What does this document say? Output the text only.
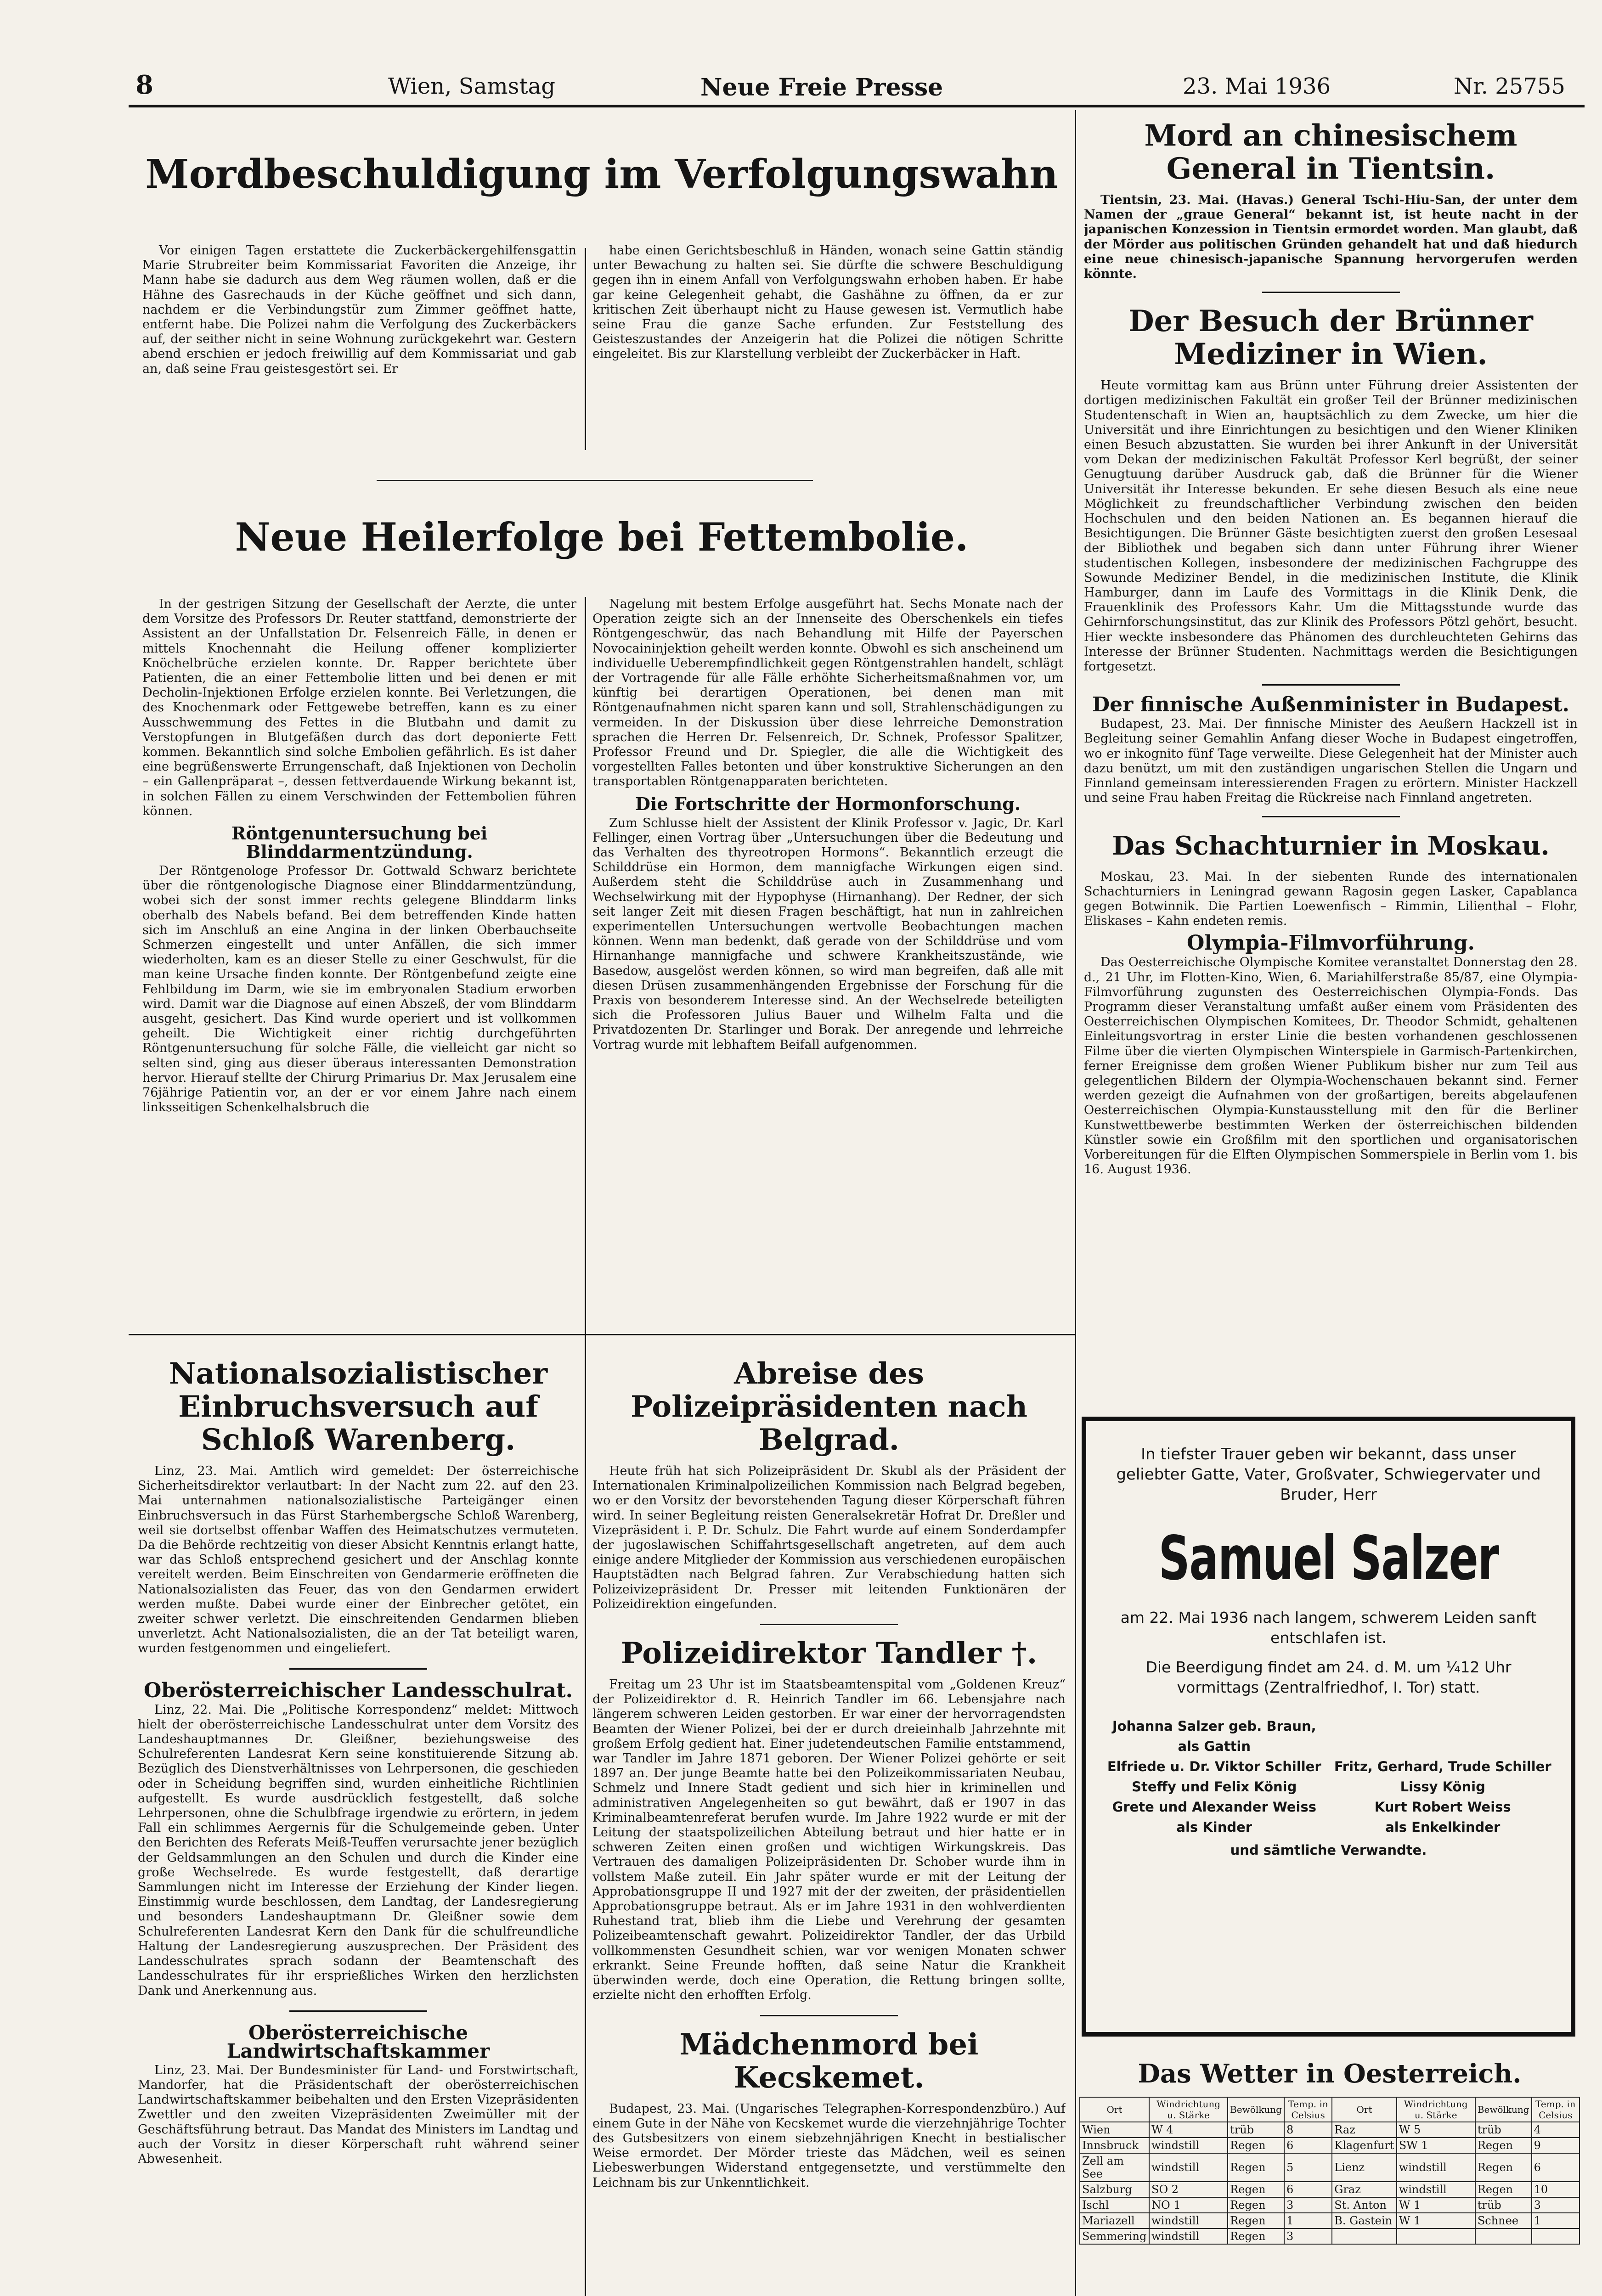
8	Wien, Samstag	Neue Freie Presse	23. Mai 1936	Nr. 25755
Mordbeschuldigung im Verfolgungswahn

Vor einigen Tagen erstattete die Zuckerbäckergehilfensgattin Marie Strubreiter beim Kommissariat Favoriten die Anzeige, ihr Mann habe sie dadurch aus dem Weg räumen wollen, daß er die Hähne des Gasrechauds in der Küche geöffnet und sich dann, nachdem er die Verbindungstür zum Zimmer geöffnet hatte, entfernt habe. Die Polizei nahm die Verfolgung des Zuckerbäckers auf, der seither nicht in seine Wohnung zurückgekehrt war. Gestern abend erschien er jedoch freiwillig auf dem Kommissariat und gab an, daß seine Frau geistesgestört sei. Er

habe einen Gerichtsbeschluß in Händen, wonach seine Gattin ständig unter Bewachung zu halten sei. Sie dürfte die schwere Beschuldigung gegen ihn in einem Anfall von Verfolgungswahn erhoben haben. Er habe gar keine Gelegenheit gehabt, die Gashähne zu öffnen, da er zur kritischen Zeit überhaupt nicht zu Hause gewesen ist. Vermutlich habe seine Frau die ganze Sache erfunden. Zur Feststellung des Geisteszustandes der Anzeigerin hat die Polizei die nötigen Schritte eingeleitet. Bis zur Klarstellung verbleibt der Zuckerbäcker in Haft.

Neue Heilerfolge bei Fettembolie.

In der gestrigen Sitzung der Gesellschaft der Aerzte, die unter dem Vorsitze des Professors Dr. Reuter stattfand, demonstrierte der Assistent an der Unfallstation Dr. Felsenreich Fälle, in denen er mittels Knochennaht die Heilung offener komplizierter Knöchelbrüche erzielen konnte. Dr. Rapper berichtete über Patienten, die an einer Fettembolie litten und bei denen er mit Decholin-Injektionen Erfolge erzielen konnte. Bei Verletzungen, die des Knochenmark oder Fettgewebe betreffen, kann es zu einer Ausschwemmung des Fettes in die Blutbahn und damit zu Verstopfungen in Blutgefäßen durch das dort deponierte Fett kommen. Bekanntlich sind solche Embolien gefährlich. Es ist daher eine begrüßenswerte Errungenschaft, daß Injektionen von Decholin – ein Gallenpräparat –, dessen fettverdauende Wirkung bekannt ist, in solchen Fällen zu einem Verschwinden der Fettembolien führen können.

Röntgenuntersuchung bei Blinddarmentzündung.

Der Röntgenologe Professor Dr. Gottwald Schwarz berichtete über die röntgenologische Diagnose einer Blinddarmentzündung, wobei sich der sonst immer rechts gelegene Blinddarm links oberhalb des Nabels befand. Bei dem betreffenden Kinde hatten sich im Anschluß an eine Angina in der linken Oberbauchseite Schmerzen eingestellt und unter Anfällen, die sich immer wiederholten, kam es an dieser Stelle zu einer Geschwulst, für die man keine Ursache finden konnte. Der Röntgenbefund zeigte eine Fehlbildung im Darm, wie sie im embryonalen Stadium erworben wird. Damit war die Diagnose auf einen Abszeß, der vom Blinddarm ausgeht, gesichert. Das Kind wurde operiert und ist vollkommen geheilt. Die Wichtigkeit einer richtig durchgeführten Röntgenuntersuchung für solche Fälle, die vielleicht gar nicht so selten sind, ging aus dieser überaus interessanten Demonstration hervor. Hierauf stellte der Chirurg Primarius Dr. Max Jerusalem eine 76jährige Patientin vor, an der er vor einem Jahre nach einem linksseitigen Schenkelhalsbruch die

Nagelung mit bestem Erfolge ausgeführt hat. Sechs Monate nach der Operation zeigte sich an der Innenseite des Oberschenkels ein tiefes Röntgengeschwür, das nach Behandlung mit Hilfe der Payerschen Novocaininjektion geheilt werden konnte. Obwohl es sich anscheinend um individuelle Ueberempfindlichkeit gegen Röntgenstrahlen handelt, schlägt der Vortragende für alle Fälle erhöhte Sicherheitsmaßnahmen vor, um künftig bei derartigen Operationen, bei denen man mit Röntgenaufnahmen nicht sparen kann und soll, Strahlenschädigungen zu vermeiden. In der Diskussion über diese lehrreiche Demonstration sprachen die Herren Dr. Felsenreich, Dr. Schnek, Professor Spalitzer, Professor Freund und Dr. Spiegler, die alle die Wichtigkeit des vorgestellten Falles betonten und über konstruktive Sicherungen an den transportablen Röntgenapparaten berichteten.

Die Fortschritte der Hormonforschung.

Zum Schlusse hielt der Assistent der Klinik Professor v. Jagic, Dr. Karl Fellinger, einen Vortrag über „Untersuchungen über die Bedeutung und das Verhalten des thyreotropen Hormons“. Bekanntlich erzeugt die Schilddrüse ein Hormon, dem mannigfache Wirkungen eigen sind. Außerdem steht die Schilddrüse auch in Zusammenhang und Wechselwirkung mit der Hypophyse (Hirnanhang). Der Redner, der sich seit langer Zeit mit diesen Fragen beschäftigt, hat nun in zahlreichen experimentellen Untersuchungen wertvolle Beobachtungen machen können. Wenn man bedenkt, daß gerade von der Schilddrüse und vom Hirnanhange mannigfache und schwere Krankheitszustände, wie Basedow, ausgelöst werden können, so wird man begreifen, daß alle mit diesen Drüsen zusammenhängenden Ergebnisse der Forschung für die Praxis von besonderem Interesse sind. An der Wechselrede beteiligten sich die Professoren Julius Bauer und Wilhelm Falta und die Privatdozenten Dr. Starlinger und Borak. Der anregende und lehrreiche Vortrag wurde mit lebhaftem Beifall aufgenommen.

Nationalsozialistischer Einbruchsversuch auf Schloß Warenberg.

Linz, 23. Mai. Amtlich wird gemeldet: Der österreichische Sicherheitsdirektor verlautbart: In der Nacht zum 22. auf den 23. Mai unternahmen nationalsozialistische Parteigänger einen Einbruchsversuch in das Fürst Starhembergsche Schloß Warenberg, weil sie dortselbst offenbar Waffen des Heimatschutzes vermuteten. Da die Behörde rechtzeitig von dieser Absicht Kenntnis erlangt hatte, war das Schloß entsprechend gesichert und der Anschlag konnte vereitelt werden. Beim Einschreiten von Gendarmerie eröffneten die Nationalsozialisten das Feuer, das von den Gendarmen erwidert werden mußte. Dabei wurde einer der Einbrecher getötet, ein zweiter schwer verletzt. Die einschreitenden Gendarmen blieben unverletzt. Acht Nationalsozialisten, die an der Tat beteiligt waren, wurden festgenommen und eingeliefert.

Oberösterreichischer Landesschulrat.

Linz, 22. Mai. Die „Politische Korrespondenz“ meldet: Mittwoch hielt der oberösterreichische Landesschulrat unter dem Vorsitz des Landeshauptmannes Dr. Gleißner, beziehungsweise des Schulreferenten Landesrat Kern seine konstituierende Sitzung ab. Bezüglich des Dienstverhältnisses von Lehrpersonen, die geschieden oder in Scheidung begriffen sind, wurden einheitliche Richtlinien aufgestellt. Es wurde ausdrücklich festgestellt, daß solche Lehrpersonen, ohne die Schulbfrage irgendwie zu erörtern, in jedem Fall ein schlimmes Aergernis für die Schulgemeinde geben. Unter den Berichten des Referats Meiß-Teuffen verursachte jener bezüglich der Geldsammlungen an den Schulen und durch die Kinder eine große Wechselrede. Es wurde festgestellt, daß derartige Sammlungen nicht im Interesse der Erziehung der Kinder liegen. Einstimmig wurde beschlossen, dem Landtag, der Landesregierung und besonders Landeshauptmann Dr. Gleißner sowie dem Schulreferenten Landesrat Kern den Dank für die schulfreundliche Haltung der Landesregierung auszusprechen. Der Präsident des Landesschulrates sprach sodann der Beamtenschaft des Landesschulrates für ihr ersprießliches Wirken den herzlichsten Dank und Anerkennung aus.

Oberösterreichische Landwirtschaftskammer

Linz, 23. Mai. Der Bundesminister für Land- und Forstwirtschaft, Mandorfer, hat die Präsidentschaft der oberösterreichischen Landwirtschaftskammer beibehalten und den Ersten Vizepräsidenten Zwettler und den zweiten Vizepräsidenten Zweimüller mit der Geschäftsführung betraut. Das Mandat des Ministers im Landtag und auch der Vorsitz in dieser Körperschaft ruht während seiner Abwesenheit.

Abreise des Polizeipräsidenten nach Belgrad.

Heute früh hat sich Polizeipräsident Dr. Skubl als der Präsident der Internationalen Kriminalpolizeilichen Kommission nach Belgrad begeben, wo er den Vorsitz der bevorstehenden Tagung dieser Körperschaft führen wird. In seiner Begleitung reisten Generalsekretär Hofrat Dr. Dreßler und Vizepräsident i. P. Dr. Schulz. Die Fahrt wurde auf einem Sonderdampfer der jugoslawischen Schiffahrtsgesellschaft angetreten, auf dem auch einige andere Mitglieder der Kommission aus verschiedenen europäischen Hauptstädten nach Belgrad fahren. Zur Verabschiedung hatten sich Polizeivizepräsident Dr. Presser mit leitenden Funktionären der Polizeidirektion eingefunden.

Polizeidirektor Tandler †.

Freitag um 23 Uhr ist im Staatsbeamtenspital vom „Goldenen Kreuz“ der Polizeidirektor d. R. Heinrich Tandler im 66. Lebensjahre nach längerem schweren Leiden gestorben. Er war einer der hervorragendsten Beamten der Wiener Polizei, bei der er durch dreieinhalb Jahrzehnte mit großem Erfolg gedient hat. Einer judetendeutschen Familie entstammend, war Tandler im Jahre 1871 geboren. Der Wiener Polizei gehörte er seit 1897 an. Der junge Beamte hatte bei den Polizeikommissariaten Neubau, Schmelz und Innere Stadt gedient und sich hier in kriminellen und administrativen Angelegenheiten so gut bewährt, daß er 1907 in das Kriminalbeamtenreferat berufen wurde. Im Jahre 1922 wurde er mit der Leitung der staatspolizeilichen Abteilung betraut und hier hatte er in schweren Zeiten einen großen und wichtigen Wirkungskreis. Das Vertrauen des damaligen Polizeipräsidenten Dr. Schober wurde ihm in vollstem Maße zuteil. Ein Jahr später wurde er mit der Leitung der Approbationsgruppe II und 1927 mit der der zweiten, der präsidentiellen Approbationsgruppe betraut. Als er im Jahre 1931 in den wohlverdienten Ruhestand trat, blieb ihm die Liebe und Verehrung der gesamten Polizeibeamtenschaft gewahrt. Polizeidirektor Tandler, der das Urbild vollkommensten Gesundheit schien, war vor wenigen Monaten schwer erkrankt. Seine Freunde hofften, daß seine Natur die Krankheit überwinden werde, doch eine Operation, die Rettung bringen sollte, erzielte nicht den erhofften Erfolg.

Mädchenmord bei Kecskemet.

Budapest, 23. Mai. (Ungarisches Telegraphen-Korrespondenzbüro.) Auf einem Gute in der Nähe von Kecskemet wurde die vierzehnjährige Tochter des Gutsbesitzers von einem siebzehnjährigen Knecht in bestialischer Weise ermordet. Der Mörder trieste das Mädchen, weil es seinen Liebeswerbungen Widerstand entgegensetzte, und verstümmelte den Leichnam bis zur Unkenntlichkeit.

Mord an chinesischem General in Tientsin.

Tientsin, 23. Mai. (Havas.) General Tschi-Hiu-San, der unter dem Namen der „graue General“ bekannt ist, ist heute nacht in der japanischen Konzession in Tientsin ermordet worden. Man glaubt, daß der Mörder aus politischen Gründen gehandelt hat und daß hiedurch eine neue chinesisch-japanische Spannung hervorgerufen werden könnte.

Der Besuch der Brünner Mediziner in Wien.

Heute vormittag kam aus Brünn unter Führung dreier Assistenten der dortigen medizinischen Fakultät ein großer Teil der Brünner medizinischen Studentenschaft in Wien an, hauptsächlich zu dem Zwecke, um hier die Universität und ihre Einrichtungen zu besichtigen und den Wiener Kliniken einen Besuch abzustatten. Sie wurden bei ihrer Ankunft in der Universität vom Dekan der medizinischen Fakultät Professor Kerl begrüßt, der seiner Genugtuung darüber Ausdruck gab, daß die Brünner für die Wiener Universität ihr Interesse bekunden. Er sehe diesen Besuch als eine neue Möglichkeit zu freundschaftlicher Verbindung zwischen den beiden Hochschulen und den beiden Nationen an. Es begannen hierauf die Besichtigungen. Die Brünner Gäste besichtigten zuerst den großen Lesesaal der Bibliothek und begaben sich dann unter Führung ihrer Wiener studentischen Kollegen, insbesondere der medizinischen Fachgruppe des Sowunde Mediziner Bendel, in die medizinischen Institute, die Klinik Hamburger, dann im Laufe des Vormittags in die Klinik Denk, die Frauenklinik des Professors Kahr. Um die Mittagsstunde wurde das Gehirnforschungsinstitut, das zur Klinik des Professors Pötzl gehört, besucht. Hier weckte insbesondere das Phänomen des durchleuchteten Gehirns das Interesse der Brünner Studenten. Nachmittags werden die Besichtigungen fortgesetzt.

Der finnische Außenminister in Budapest.

Budapest, 23. Mai. Der finnische Minister des Aeußern Hackzell ist in Begleitung seiner Gemahlin Anfang dieser Woche in Budapest eingetroffen, wo er inkognito fünf Tage verweilte. Diese Gelegenheit hat der Minister auch dazu benützt, um mit den zuständigen ungarischen Stellen die Ungarn und Finnland gemeinsam interessierenden Fragen zu erörtern. Minister Hackzell und seine Frau haben Freitag die Rückreise nach Finnland angetreten.

Das Schachturnier in Moskau.

Moskau, 23. Mai. In der siebenten Runde des internationalen Schachturniers in Leningrad gewann Ragosin gegen Lasker, Capablanca gegen Botwinnik. Die Partien Loewenfisch – Rimmin, Lilienthal – Flohr, Eliskases – Kahn endeten remis.

Olympia-Filmvorführung.

Das Oesterreichische Olympische Komitee veranstaltet Donnerstag den 28. d., 21 Uhr, im Flotten-Kino, Wien, 6. Mariahilferstraße 85/87, eine Olympia-Filmvorführung zugunsten des Oesterreichischen Olympia-Fonds. Das Programm dieser Veranstaltung umfaßt außer einem vom Präsidenten des Oesterreichischen Olympischen Komitees, Dr. Theodor Schmidt, gehaltenen Einleitungsvortrag in erster Linie die besten vorhandenen geschlossenen Filme über die vierten Olympischen Winterspiele in Garmisch-Partenkirchen, ferner Ereignisse dem großen Wiener Publikum bisher nur zum Teil aus gelegentlichen Bildern der Olympia-Wochenschauen bekannt sind. Ferner werden gezeigt die Aufnahmen von der großartigen, bereits abgelaufenen Oesterreichischen Olympia-Kunstausstellung mit den für die Berliner Kunstwettbewerbe bestimmten Werken der österreichischen bildenden Künstler sowie ein Großfilm mit den sportlichen und organisatorischen Vorbereitungen für die Elften Olympischen Sommerspiele in Berlin vom 1. bis 16. August 1936.

In tiefster Trauer geben wir bekannt, dass unser geliebter Gatte, Vater, Großvater, Schwiegervater und Bruder, Herr
Samuel Salzer
am 22. Mai 1936 nach langem, schwerem Leiden sanft entschlafen ist.
Die Beerdigung findet am 24. d. M. um ¼12 Uhr vormittags (Zentralfriedhof, I. Tor) statt.
Johanna Salzer geb. Braun, als Gattin
Elfriede u. Dr. Viktor Schiller Fritz, Gerhard, Trude Schiller
Steffy und Felix König	Lissy König
Grete und Alexander Weiss	Kurt Robert Weiss
als Kinder	als Enkelkinder
und sämtliche Verwandte.
Das Wetter in Oesterreich.
Ort	Windrichtung u. Stärke	Bewölkung	Temp. in Celsius	Ort	Windrichtung u. Stärke	Bewölkung	Temp. in Celsius
Wien	W 4	trüb	8	Raz	W 5	trüb	4
Innsbruck	windstill	Regen	6	Klagenfurt	SW 1	Regen	9
Zell am See	windstill	Regen	5	Lienz	windstill	Regen	6
Salzburg	SO 2	Regen	6	Graz	windstill	Regen	10
Ischl	NO 1	Regen	3	St. Anton	W 1	trüb	3
Mariazell	windstill	Regen	1	B. Gastein	W 1	Schnee	1
Semmering	windstill	Regen	3				
